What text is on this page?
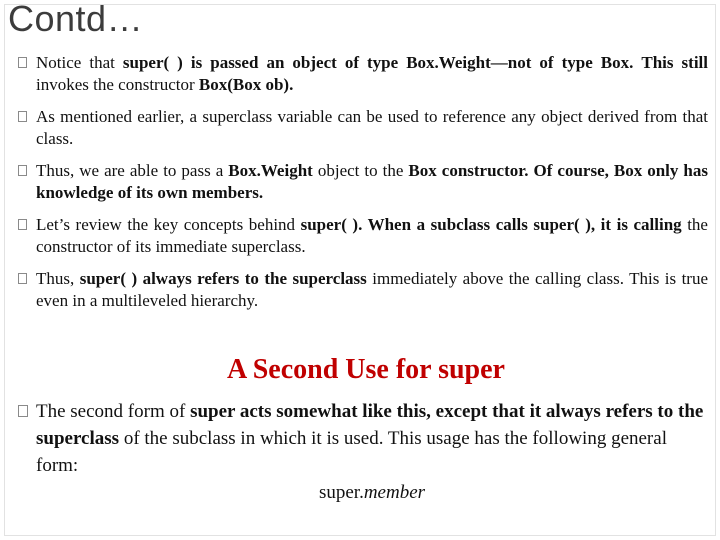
Contd…
Notice that super( ) is passed an object of type Box.Weight—not of type Box. This still invokes the constructor Box(Box ob).
As mentioned earlier, a superclass variable can be used to reference any object derived from that class.
Thus, we are able to pass a Box.Weight object to the Box constructor. Of course, Box only has knowledge of its own members.
Let’s review the key concepts behind super( ). When a subclass calls super( ), it is calling the constructor of its immediate superclass.
Thus, super( ) always refers to the superclass immediately above the calling class. This is true even in a multileveled hierarchy.
A Second Use for super
The second form of super acts somewhat like this, except that it always refers to the superclass of the subclass in which it is used. This usage has the following general form:
super.member
